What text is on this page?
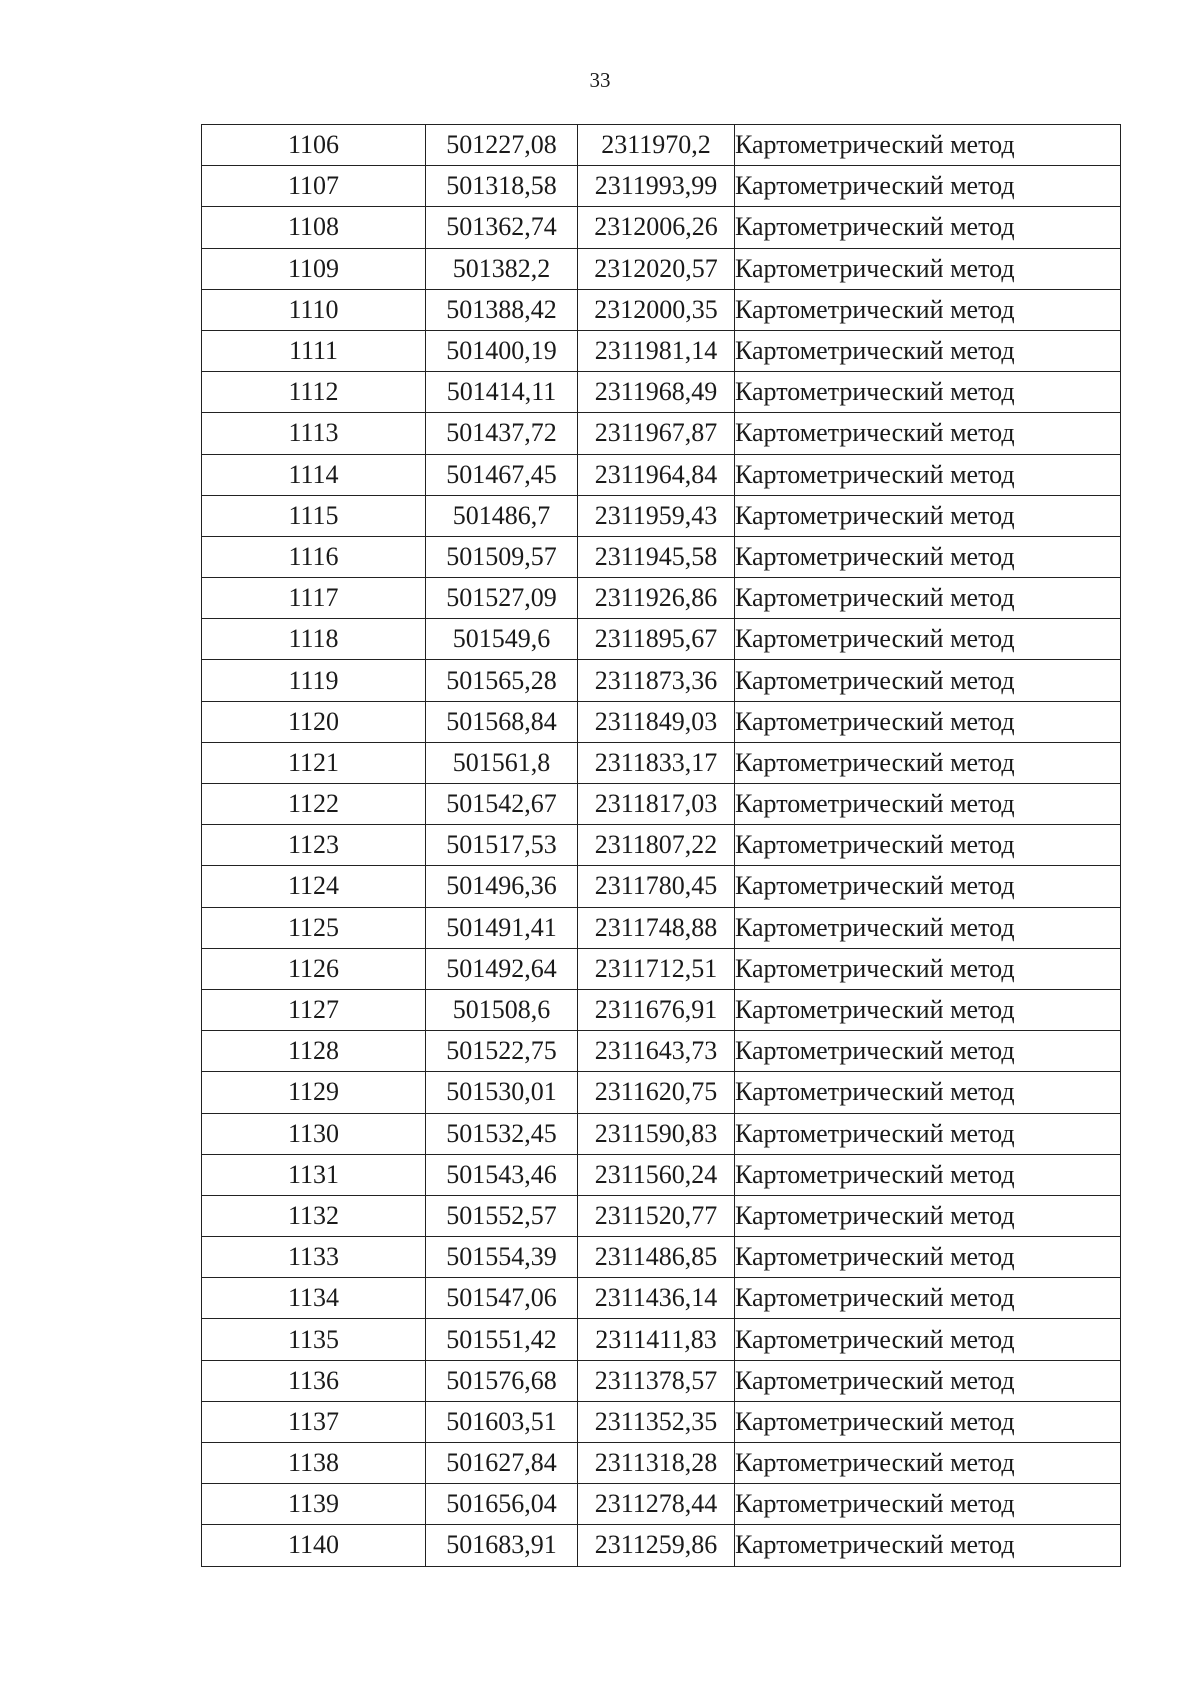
33
1106	501227,08	2311970,2	Картометрический метод
1107	501318,58	2311993,99	Картометрический метод
1108	501362,74	2312006,26	Картометрический метод
1109	501382,2	2312020,57	Картометрический метод
1110	501388,42	2312000,35	Картометрический метод
1111	501400,19	2311981,14	Картометрический метод
1112	501414,11	2311968,49	Картометрический метод
1113	501437,72	2311967,87	Картометрический метод
1114	501467,45	2311964,84	Картометрический метод
1115	501486,7	2311959,43	Картометрический метод
1116	501509,57	2311945,58	Картометрический метод
1117	501527,09	2311926,86	Картометрический метод
1118	501549,6	2311895,67	Картометрический метод
1119	501565,28	2311873,36	Картометрический метод
1120	501568,84	2311849,03	Картометрический метод
1121	501561,8	2311833,17	Картометрический метод
1122	501542,67	2311817,03	Картометрический метод
1123	501517,53	2311807,22	Картометрический метод
1124	501496,36	2311780,45	Картометрический метод
1125	501491,41	2311748,88	Картометрический метод
1126	501492,64	2311712,51	Картометрический метод
1127	501508,6	2311676,91	Картометрический метод
1128	501522,75	2311643,73	Картометрический метод
1129	501530,01	2311620,75	Картометрический метод
1130	501532,45	2311590,83	Картометрический метод
1131	501543,46	2311560,24	Картометрический метод
1132	501552,57	2311520,77	Картометрический метод
1133	501554,39	2311486,85	Картометрический метод
1134	501547,06	2311436,14	Картометрический метод
1135	501551,42	2311411,83	Картометрический метод
1136	501576,68	2311378,57	Картометрический метод
1137	501603,51	2311352,35	Картометрический метод
1138	501627,84	2311318,28	Картометрический метод
1139	501656,04	2311278,44	Картометрический метод
1140	501683,91	2311259,86	Картометрический метод
